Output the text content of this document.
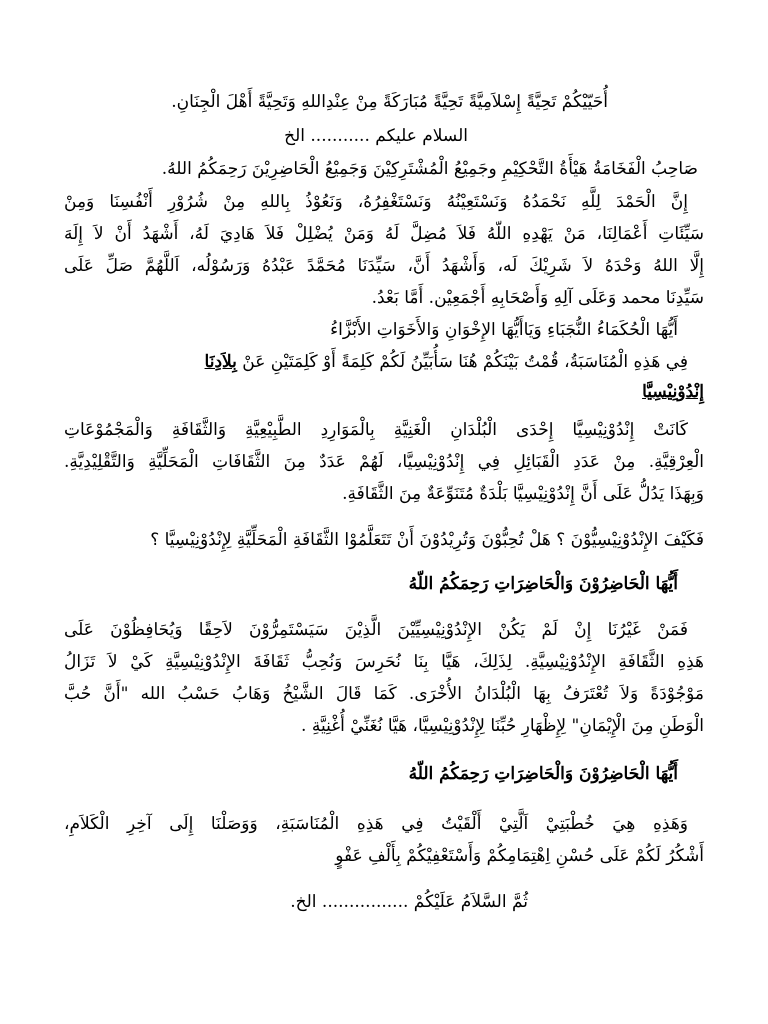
أُحَيّيْكُمْ تَحِيَّةً إِسْلاَمِيَّةً تَحِيَّةً مُبَارَكَةً مِنْ عِنْدِاللهِ وَتَحِيَّةً أَهْلَ الْجِنَانِ.
السلام عليكم ........... الخ
صَاحِبُ الْفَخَامَةُ هَيْأَةُ التَّحْكِيْمِ وجَمِيْعُ الْمُشْتَرِكِيْنَ وَجَمِيْعُ الْحَاضِرِيْنَ رَحِمَكُمُ اللهُ.
إِنَّ الْحَمْدَ لِلَّهِ نَحْمَدُهُ وَنَسْتَعِيْنُهُ وَنَسْتَغْفِرُهُ، وَنَعُوْذُ بِاللهِ مِنْ شُرُوْرِ أَنْفُسِنَا وَمِنْ
سَيِّئَاتِ أَعْمَالِنَا، مَنْ يَهْدِهِ اللّهُ فَلاَ مُضِلَّ لَهُ وَمَنْ يُضْلِلْ فَلاَ هَادِيَ لَهُ، أَشْهَدُ أَنْ لاَ إِلَهَ
إِلَّا اللهُ وَحْدَهُ لاَ شَرِيْكَ لَه، وَأَشْهَدُ أَنَّ، سَيِّدَنَا مُحَمَّدً عَبْدُهُ وَرَسُوْلُه، اَللَّهُمَّ صَلِّ عَلَى
سَيِّدِنَا محمد وَعَلَى آلِهِ وَأَصْحَابِهِ أَجْمَعِيْن. أَمَّا بَعْدُ.
أَيُّهَا الْحُكَمَاءُ النُّجَبَاءِ وَيَاأَيُّهَا الإِخْوَانِ وَالأَخَوَاتِ الأَبْزَّاءُ
فِي هَذِهِ الْمُنَاسَبَةُ، قُمْتُ بَيْنَكُمْ هُنَا سَأُبَيِّنُ لَكُمْ كَلِمَةً أَوْ كَلِمَتَيْنِ عَنْ بِلاَدِنَا
إِنْدُوْنِيْسِيَّا
كَانَتْ إِنْدُوْنِيْسِيَّا إِحْدَى الْبُلْدَانِ الْغَنِيَّةِ بِالْمَوَارِدِ الطَّبِيْعِيَّةِ وَالثَّقَافَةِ وَالْمَجْمُوْعَاتِ
الْعِرْقِيَّةِ. مِنْ عَدَدِ الْقَبَائِلِ فِي إِنْدُوْنِيْسِيَّا، لَهُمْ عَدَدٌ مِنَ الثَّقَافَاتِ الْمَحَلِّيَّةِ وَالتَّقْلِيْدِيَّةِ.
وَبِهَذَا يَدُلُّ عَلَى أَنَّ إِنْدُوْنِيْسِيَّا بَلْدَةٌ مُتَنَوِّعَةٌ مِنَ الثَّقَافَةِ.
فَكَيْفَ الإِنْدُوْنِيْسِيُّوْنَ ؟ هَلْ تُحِبُّوْنَ وَتُرِيْدُوْنَ أَنْ تَتَعَلَّمُوْا الثَّقَافَةِ الْمَحَلِّيَّةِ لِإِنْدُوْنِيْسِيَّا ؟
أَيُّهَا الْحَاضِرُوْنَ وَالْحَاضِرَاتِ رَحِمَكُمُ اللّهُ
فَمَنْ غَيْرُنَا إِنْ لَمْ يَكُنْ الإِنْدُوْنِيْسِيِّيْنَ الَّذِيْنَ سَيَسْتَمِرُّوْنَ لاَحِقًا وَيُحَافِظُوْنَ عَلَى
هَذِهِ الثَّقَافَةِ الإِنْدُوْنِيْسِيَّةِ. لِذَلِكَ، هَيَّا بِنَا نُحَرِسَ وَنُحِبُّ ثَقَافَةَ الإِنْدُوْنِيْسِيَّةِ كَيْ لاَ تَزَالُ
مَوْجُوْدَةً وَلاَ تُعْتَرَفُ بِهَا الْبُلْدَانُ الأُخْرَى. كَمَا قَالَ الشَّيْخُ وَهَابُ حَسْبُ الله "أَنَّ حُبَّ
الْوَطَنِ مِنَ الْإِيْمَانِ" لِإِظْهَارِ حُبِّنَا لِإِنْدُوْنِيْسِيَّا، هَيَّا نُغَنِّيْ أُغْنِيَّةِ .
أَيُّهَا الْحَاضِرُوْنَ وَالْحَاضِرَاتِ رَحِمَكُمُ اللّهُ
وَهَذِهِ هِيَ خُطْبَتِيْ اَلَّتِيْ أَلْقَيْتُ فِي هَذِهِ الْمُنَاسَبَةِ، وَوَصَلْنَا إِلَى آخِرِ الْكَلاَمِ،
أَشْكُرُ لَكُمْ عَلَى حُسْنِ اِهْتِمَامِكُمْ وَأَسْتَعْفِيْكُمْ بِأَلْفِ عَفْوٍ
ثُمَّ السَّلاَمُ عَلَيْكُمْ ................ الخ.
